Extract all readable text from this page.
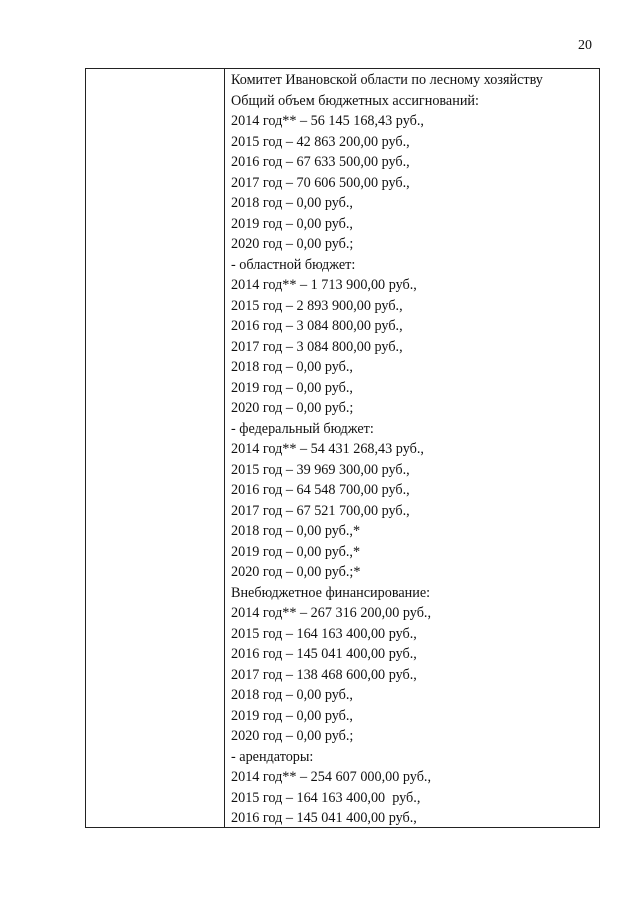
20
Комитет Ивановской области по лесному хозяйству
Общий объем бюджетных ассигнований:
2014 год** – 56 145 168,43 руб.,
2015 год – 42 863 200,00 руб.,
2016 год – 67 633 500,00 руб.,
2017 год – 70 606 500,00 руб.,
2018 год – 0,00 руб.,
2019 год – 0,00 руб.,
2020 год – 0,00 руб.;
- областной бюджет:
2014 год** – 1 713 900,00 руб.,
2015 год – 2 893 900,00 руб.,
2016 год – 3 084 800,00 руб.,
2017 год – 3 084 800,00 руб.,
2018 год – 0,00 руб.,
2019 год – 0,00 руб.,
2020 год – 0,00 руб.;
- федеральный бюджет:
2014 год** – 54 431 268,43 руб.,
2015 год – 39 969 300,00 руб.,
2016 год – 64 548 700,00 руб.,
2017 год – 67 521 700,00 руб.,
2018 год – 0,00 руб.,*
2019 год – 0,00 руб.,*
2020 год – 0,00 руб.;*
Внебюджетное финансирование:
2014 год** – 267 316 200,00 руб.,
2015 год – 164 163 400,00 руб.,
2016 год – 145 041 400,00 руб.,
2017 год – 138 468 600,00 руб.,
2018 год – 0,00 руб.,
2019 год – 0,00 руб.,
2020 год – 0,00 руб.;
- арендаторы:
2014 год** – 254 607 000,00 руб.,
2015 год – 164 163 400,00  руб.,
2016 год – 145 041 400,00 руб.,
